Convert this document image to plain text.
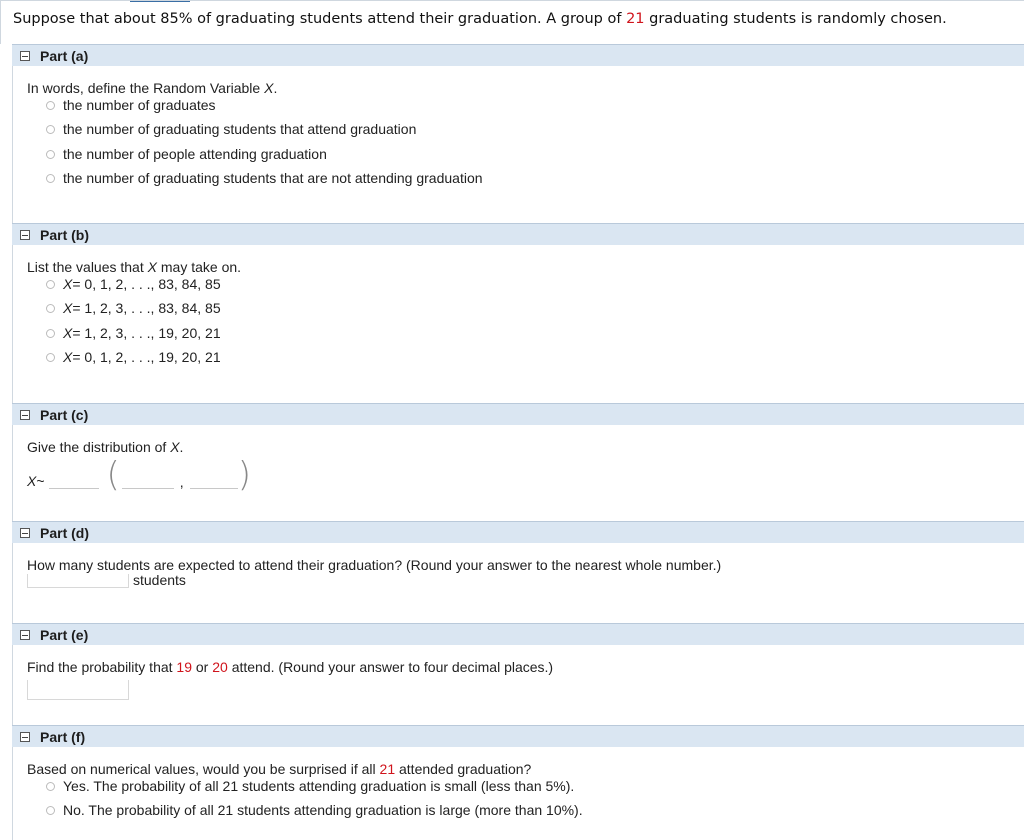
Suppose that about 85% of graduating students attend their graduation. A group of 21 graduating students is randomly chosen.
Part (a)
In words, define the Random Variable X.
the number of graduates
the number of graduating students that attend graduation
the number of people attending graduation
the number of graduating students that are not attending graduation
Part (b)
List the values that X may take on.
X = 0, 1, 2, . . ., 83, 84, 85
X = 1, 2, 3, . . ., 83, 84, 85
X = 1, 2, 3, . . ., 19, 20, 21
X = 0, 1, 2, . . ., 19, 20, 21
Part (c)
Give the distribution of X.
X ~ (	, )
Part (d)
How many students are expected to attend their graduation? (Round your answer to the nearest whole number.)
students
Part (e)
Find the probability that 19 or 20 attend. (Round your answer to four decimal places.)
Part (f)
Based on numerical values, would you be surprised if all 21 attended graduation?
Yes. The probability of all 21 students attending graduation is small (less than 5%).
No. The probability of all 21 students attending graduation is large (more than 10%).
